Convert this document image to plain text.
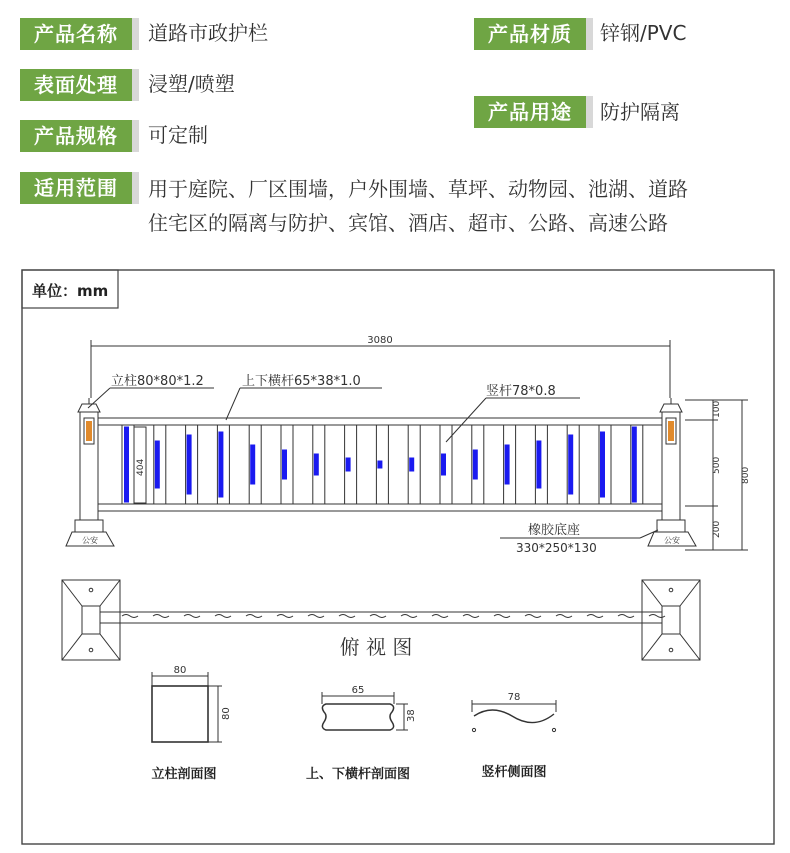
产品名称	道路市政护栏	产品材质	锌钢/PVC
表面处理	浸塑/喷塑
产品用途	防护隔离
产品规格	可定制
适用范围	用于庭院、厂区围墙，户外围墙、草坪、动物园、池湖、道路
住宅区的隔离与防护、宾馆、酒店、超市、公路、高速公路
3080
立柱80*80*1.2	上下横杆65*38*1.0
竖杆78*0.8
404
100
500
200
800
橡胶底座
330*250*130
公安	公安
俯 视 图
80
80
立柱剖面图
65
38
上、下横杆剖面图
78
竖杆侧面图
单位：mm
